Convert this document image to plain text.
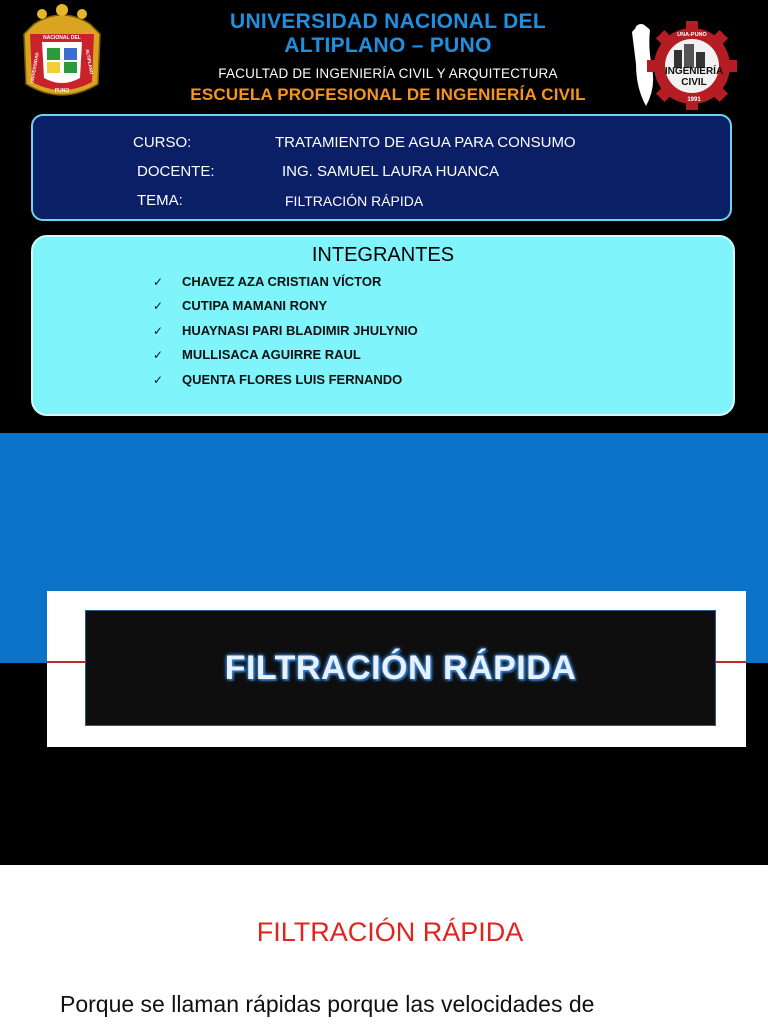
NACIONAL DEL
UNIVERSIDAD	ALTIPLANO
PUNO
UNIVERSIDAD NACIONAL DEL
ALTIPLANO – PUNO
FACULTAD DE INGENIERÍA CIVIL Y ARQUITECTURA
ESCUELA PROFESIONAL DE INGENIERÍA CIVIL
UNA-PUNO
INGENIERÍA
CIVIL
1991
CURSO:	TRATAMIENTO DE AGUA PARA CONSUMO
DOCENTE:	ING. SAMUEL LAURA HUANCA
TEMA:	FILTRACIÓN RÁPIDA
INTEGRANTES
✓ CHAVEZ AZA CRISTIAN VÍCTOR
✓ CUTIPA MAMANI RONY
✓ HUAYNASI PARI BLADIMIR JHULYNIO
✓ MULLISACA AGUIRRE RAUL
✓ QUENTA FLORES LUIS FERNANDO
FILTRACIÓN RÁPIDA
FILTRACIÓN RÁPIDA
Porque se llaman rápidas porque las velocidades de
